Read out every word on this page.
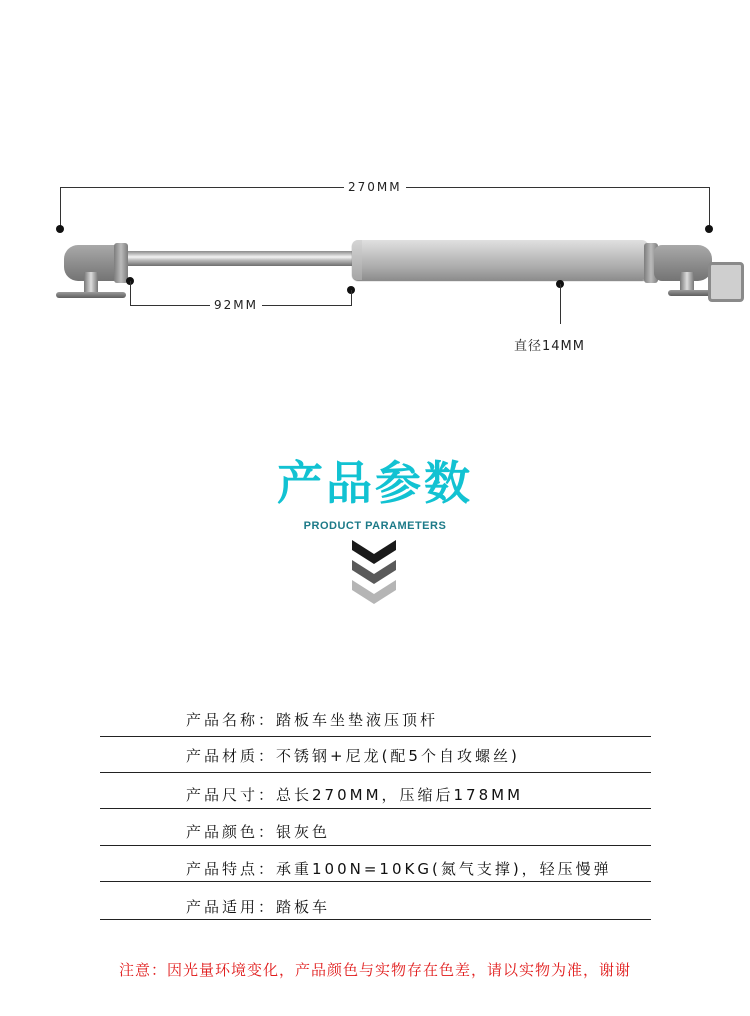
270MM
92MM
直径14MM
产品参数
PRODUCT PARAMETERS
产品名称：踏板车坐垫液压顶杆
产品材质：不锈钢+尼龙(配5个自攻螺丝)
产品尺寸：总长270MM，压缩后178MM
产品颜色：银灰色
产品特点：承重100N=10KG(氮气支撑)，轻压慢弹
产品适用：踏板车
注意：因光量环境变化，产品颜色与实物存在色差，请以实物为准，谢谢
